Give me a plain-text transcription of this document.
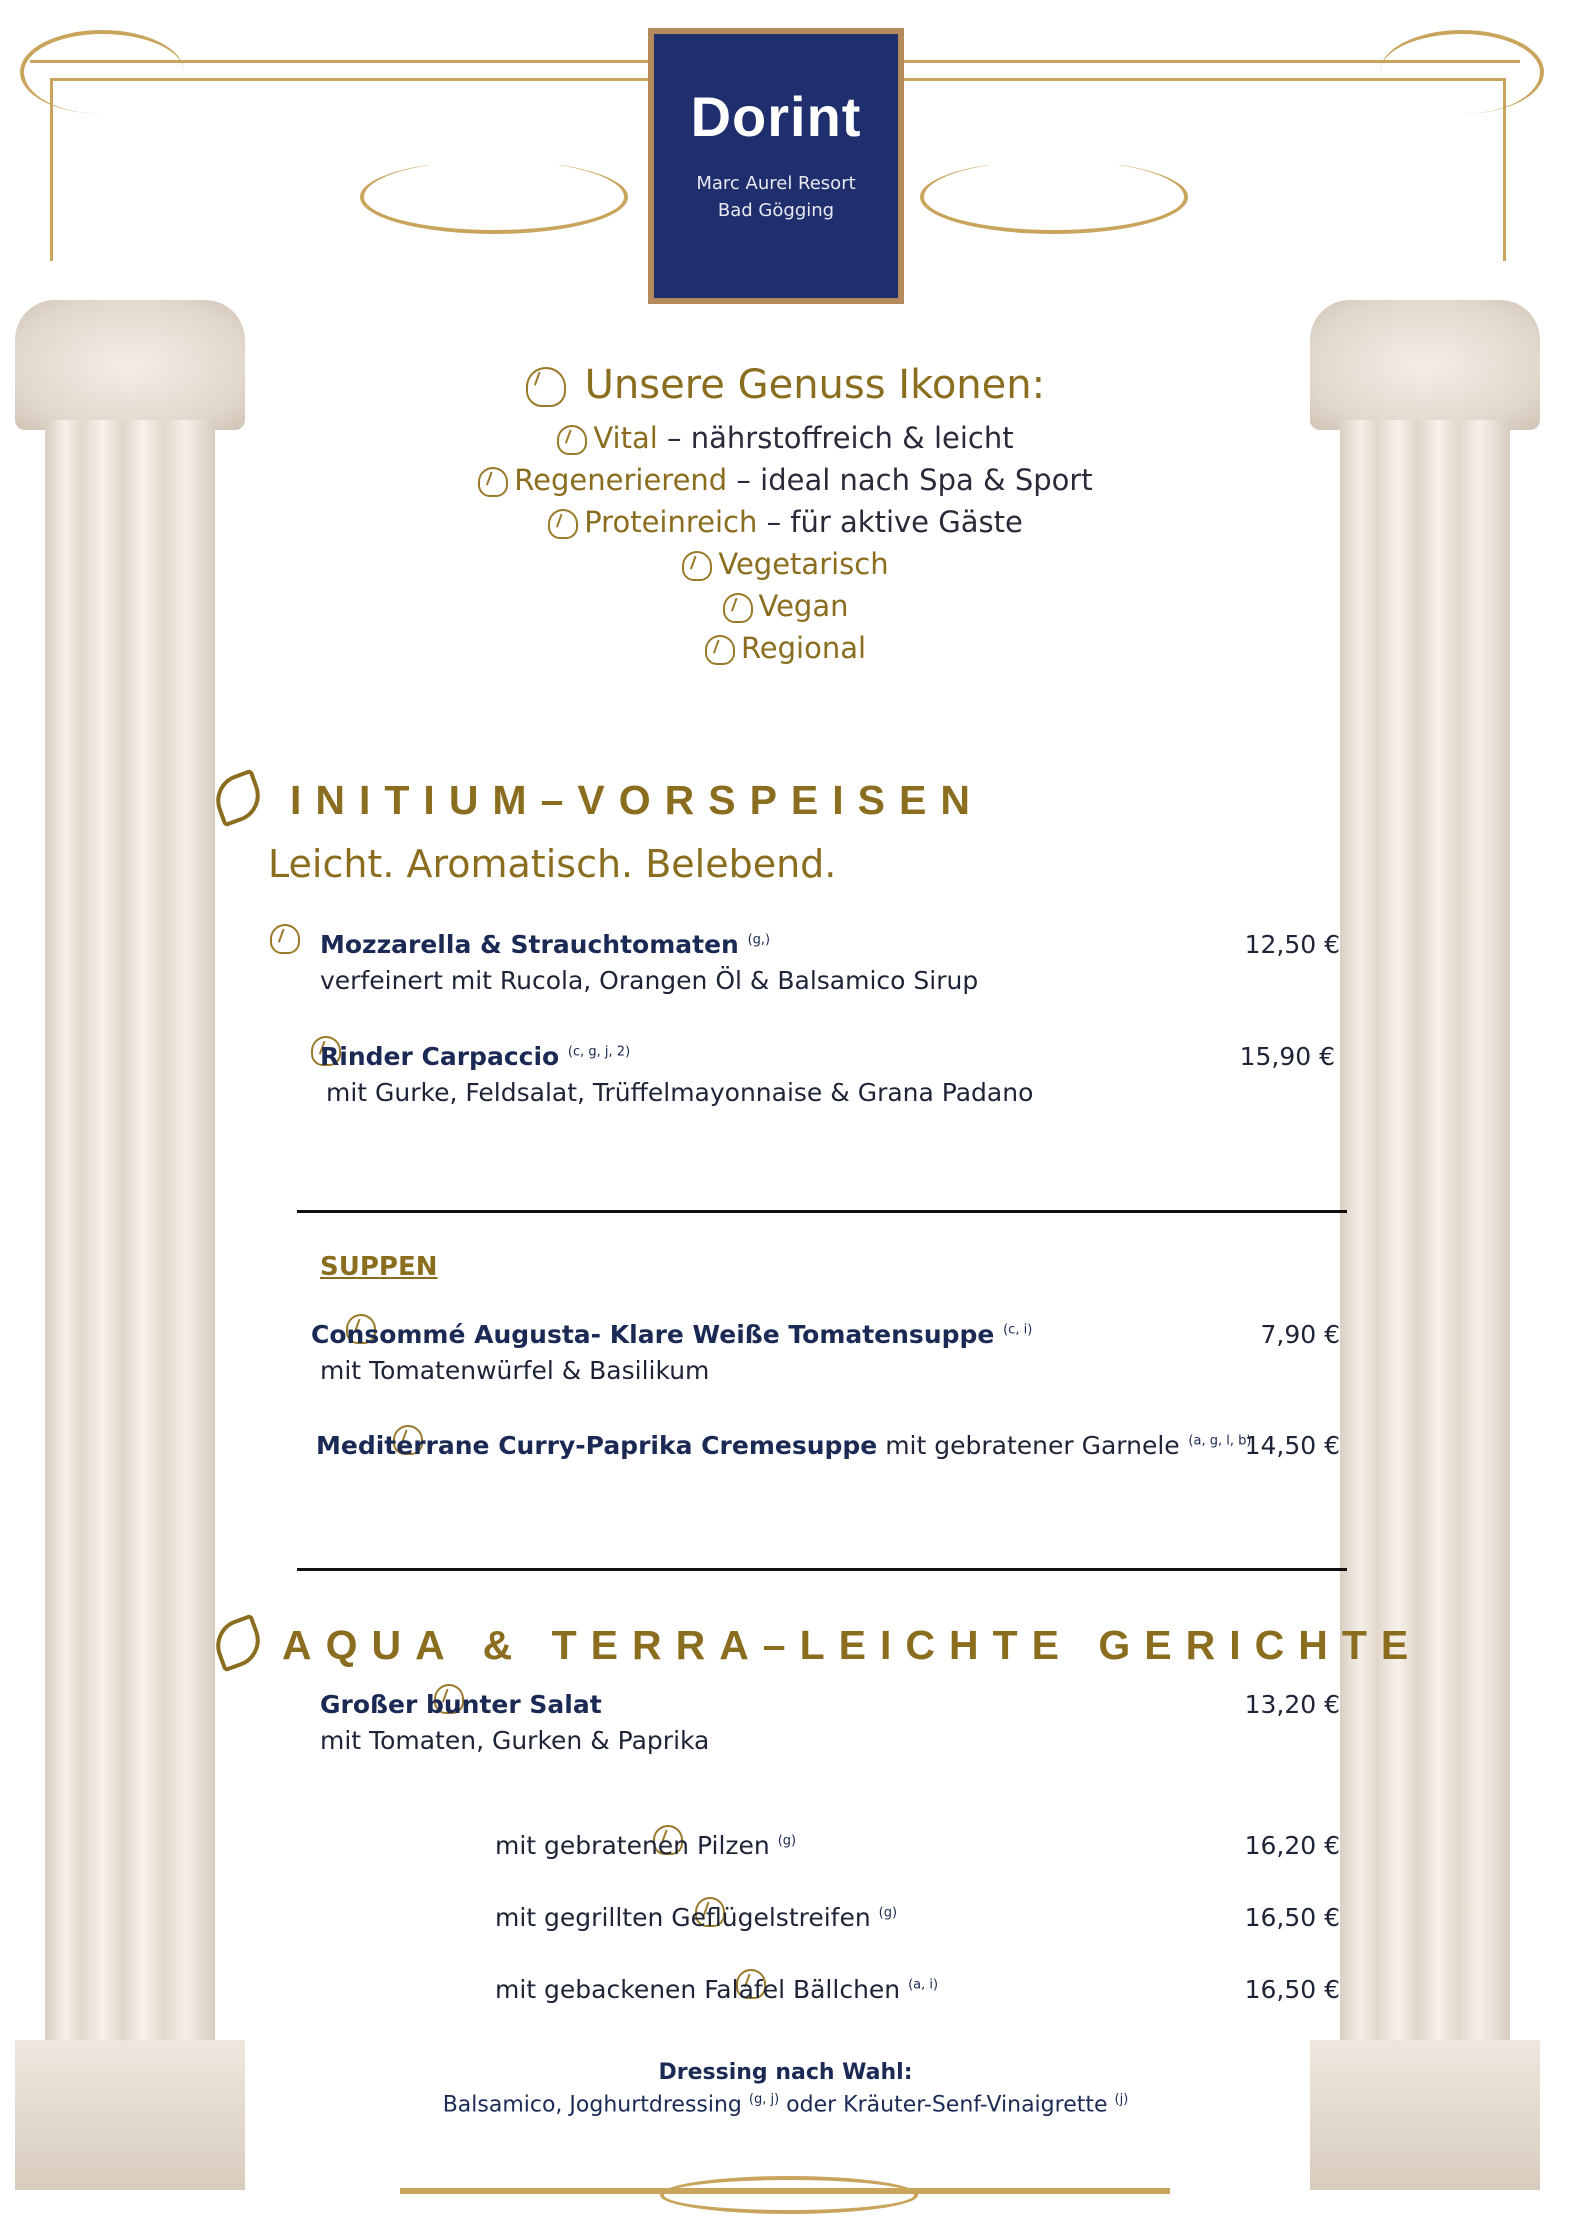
Dorint
Marc Aurel Resort
Bad Gögging
Unsere Genuss Ikonen:
Vital – nährstoffreich & leicht
Regenerierend – ideal nach Spa & Sport
Proteinreich – für aktive Gäste
Vegetarisch
Vegan
Regional
INITIUM–VORSPEISEN
Leicht. Aromatisch. Belebend.

Mozzarella & Strauchtomaten $^{(g,)}$
verfeinert mit Rucola, Orangen Öl & Balsamico Sirup
12,50 €

Rinder Carpaccio $^{(c, g, j, 2)}$
mit Gurke, Feldsalat, Trüffelmayonnaise & Grana Padano
15,90 €
SUPPEN

Consommé Augusta- Klare Weiße Tomatensuppe $^{(c, i)}$
mit Tomatenwürfel & Basilikum
7,90 €

Mediterrane Curry-Paprika Cremesuppe mit gebratener Garnele $^{(a, g, l, b)}$
14,50 €
AQUA & TERRA–LEICHTE GERICHTE

Großer bunter Salat
mit Tomaten, Gurken & Paprika
13,20 €

mit gebratenen Pilzen $^{(g)}$	16,20 €

mit gegrillten Geflügelstreifen $^{(g)}$	16,50 €
mit gebackenen Falafel Bällchen $^{(a, i)}$	16,50 €
Dressing nach Wahl:
Balsamico, Joghurtdressing $^{(g, j)}$ oder Kräuter-Senf-Vinaigrette $^{(j)}$
